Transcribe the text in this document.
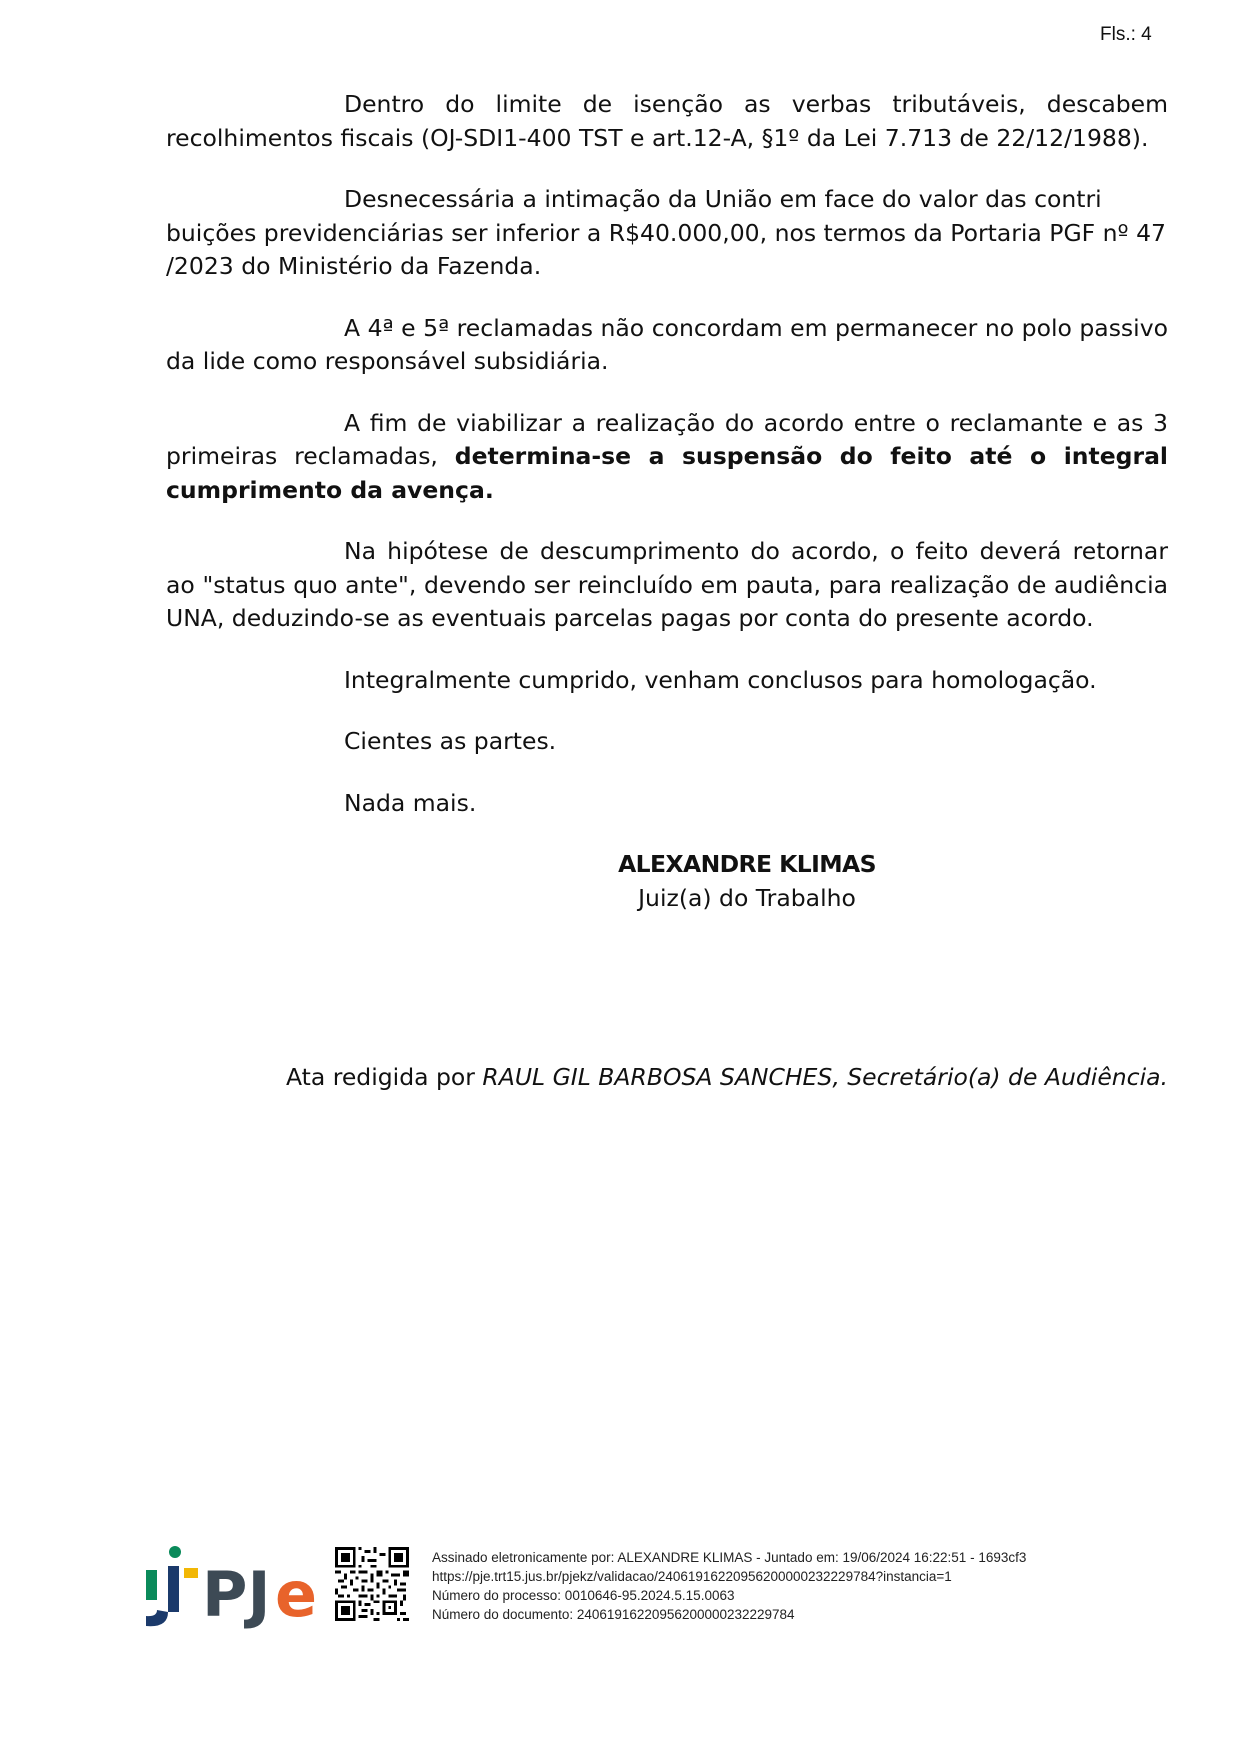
Fls.: 4

Dentro do limite de isenção as verbas tributáveis, descabem recolhimentos fiscais (OJ-SDI1-400 TST e art.12-A, §1º da Lei 7.713 de 22/12/1988).

Desnecessária a intimação da União em face do valor das contri
buições previdenciárias ser inferior a R$40.000,00, nos termos da Portaria PGF nº 47
/2023 do Ministério da Fazenda.

A 4ª e 5ª reclamadas não concordam em permanecer no polo passivo da lide como responsável subsidiária.

A fim de viabilizar a realização do acordo entre o reclamante e as 3 primeiras reclamadas, determina-se a suspensão do feito até o integral cumprimento da avença.

Na hipótese de descumprimento do acordo, o feito deverá retornar ao "status quo ante", devendo ser reincluído em pauta, para realização de audiência UNA, deduzindo-se as eventuais parcelas pagas por conta do presente acordo.

Integralmente cumprido, venham conclusos para homologação.

Cientes as partes.

Nada mais.

ALEXANDRE KLIMAS
Juiz(a) do Trabalho
Ata redigida por RAUL GIL BARBOSA SANCHES, Secretário(a) de Audiência.
PJ e
Assinado eletronicamente por: ALEXANDRE KLIMAS - Juntado em: 19/06/2024 16:22:51 - 1693cf3
https://pje.trt15.jus.br/pjekz/validacao/24061916220956200000232229784?instancia=1
Número do processo: 0010646-95.2024.5.15.0063
Número do documento: 24061916220956200000232229784
